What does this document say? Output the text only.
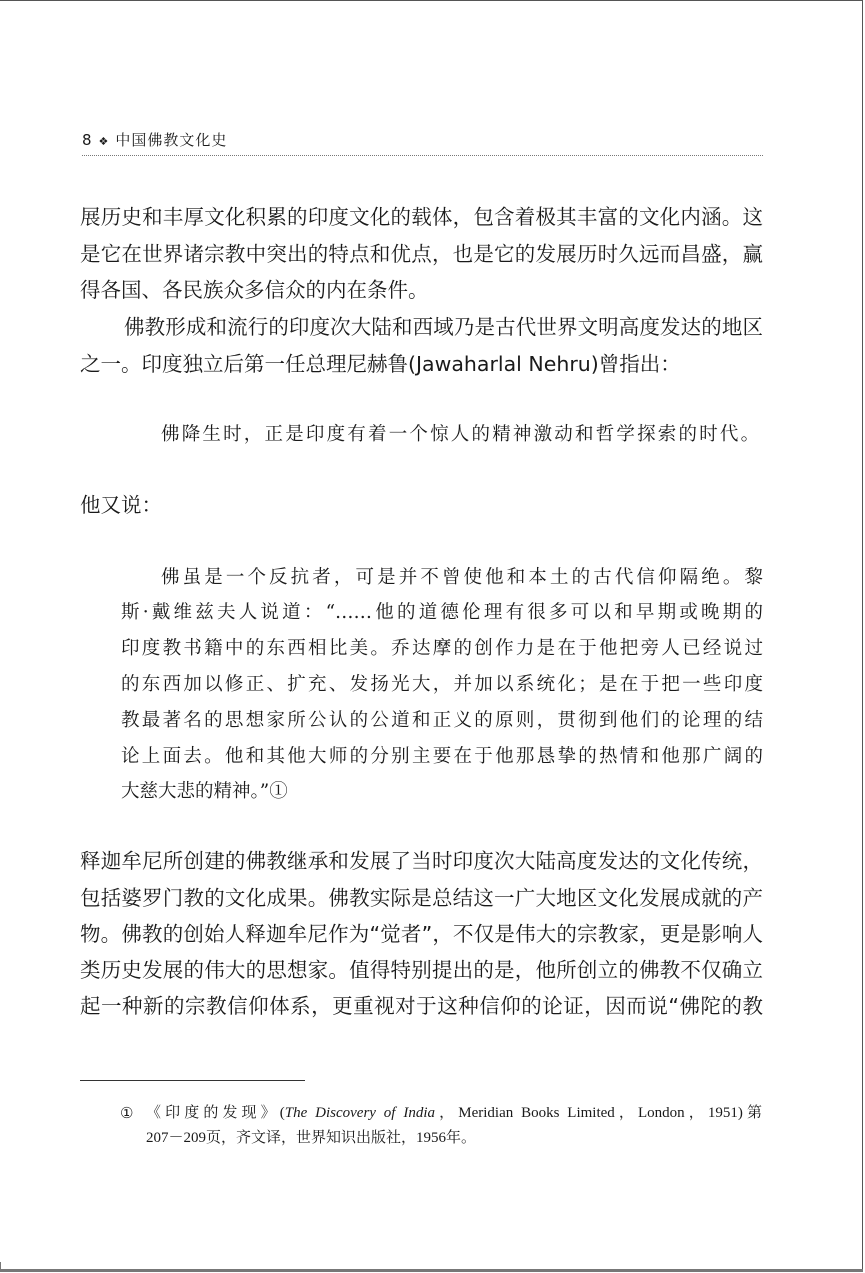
8 ❖ 中国佛教文化史
展历史和丰厚文化积累的印度文化的载体，包含着极其丰富的文化内涵。这
是它在世界诸宗教中突出的特点和优点，也是它的发展历时久远而昌盛，赢
得各国、各民族众多信众的内在条件。
佛教形成和流行的印度次大陆和西域乃是古代世界文明高度发达的地区
之一。印度独立后第一任总理尼赫鲁(Jawaharlal Nehru)曾指出：
佛降生时，正是印度有着一个惊人的精神激动和哲学探索的时代。
他又说：
佛虽是一个反抗者，可是并不曾使他和本土的古代信仰隔绝。黎
斯·戴维兹夫人说道：“……他的道德伦理有很多可以和早期或晚期的
印度教书籍中的东西相比美。乔达摩的创作力是在于他把旁人已经说过
的东西加以修正、扩充、发扬光大，并加以系统化；是在于把一些印度
教最著名的思想家所公认的公道和正义的原则，贯彻到他们的论理的结
论上面去。他和其他大师的分别主要在于他那恳挚的热情和他那广阔的
大慈大悲的精神。”①
释迦牟尼所创建的佛教继承和发展了当时印度次大陆高度发达的文化传统，
包括婆罗门教的文化成果。佛教实际是总结这一广大地区文化发展成就的产
物。佛教的创始人释迦牟尼作为“觉者”，不仅是伟大的宗教家，更是影响人
类历史发展的伟大的思想家。值得特别提出的是，他所创立的佛教不仅确立
起一种新的宗教信仰体系，更重视对于这种信仰的论证，因而说“佛陀的教
① 《印度的发现》(The Discovery of India，Meridian Books Limited，London，1951)第
207－209页，齐文译，世界知识出版社，1956年。
